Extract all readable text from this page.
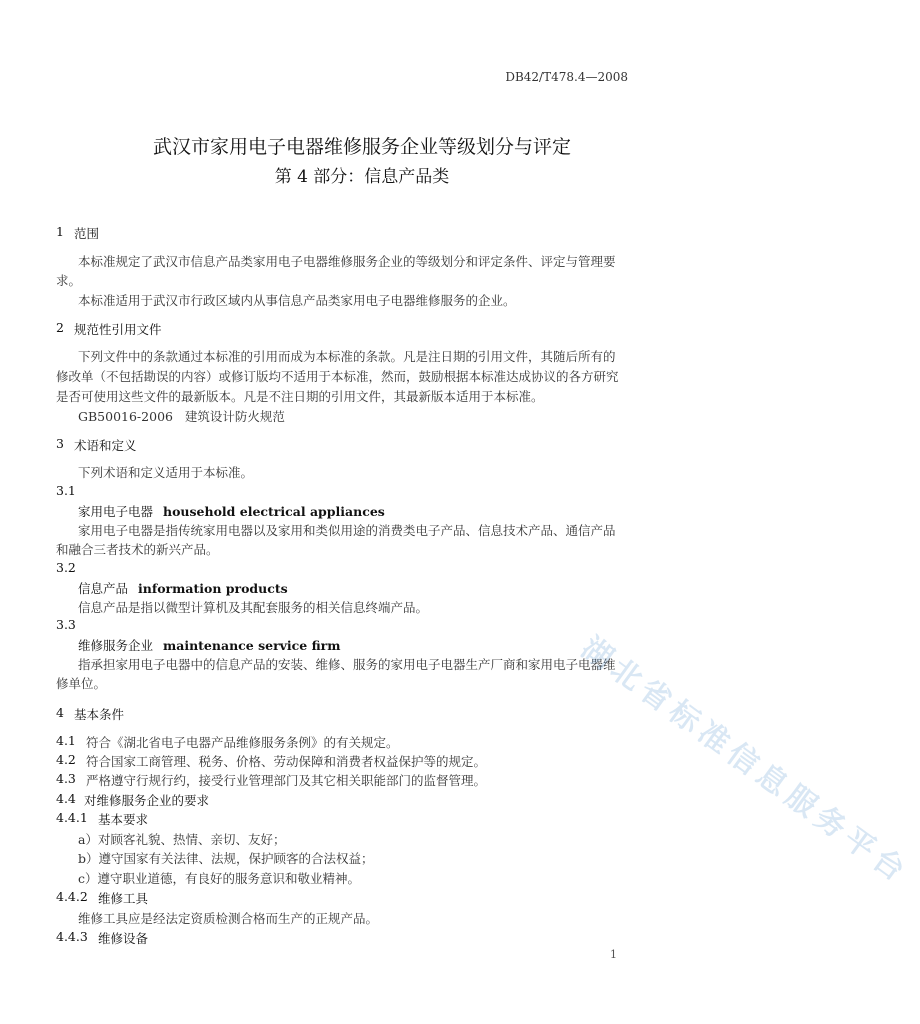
DB42/T478.4—2008
武汉市家用电子电器维修服务企业等级划分与评定
第 4 部分：信息产品类
1 范围
本标准规定了武汉市信息产品类家用电子电器维修服务企业的等级划分和评定条件、评定与管理要
求。
本标准适用于武汉市行政区域内从事信息产品类家用电子电器维修服务的企业。
2 规范性引用文件
下列文件中的条款通过本标准的引用而成为本标准的条款。凡是注日期的引用文件，其随后所有的
修改单（不包括勘误的内容）或修订版均不适用于本标准，然而，鼓励根据本标准达成协议的各方研究
是否可使用这些文件的最新版本。凡是不注日期的引用文件，其最新版本适用于本标准。
GB50016-2006   建筑设计防火规范
3 术语和定义
下列术语和定义适用于本标准。
3.1
家用电子电器 household electrical appliances
家用电子电器是指传统家用电器以及家用和类似用途的消费类电子产品、信息技术产品、通信产品
和融合三者技术的新兴产品。
3.2
信息产品 information products
信息产品是指以微型计算机及其配套服务的相关信息终端产品。
3.3
维修服务企业 maintenance service firm
指承担家用电子电器中的信息产品的安装、维修、服务的家用电子电器生产厂商和家用电子电器维
修单位。
4 基本条件
4.1 符合《湖北省电子电器产品维修服务条例》的有关规定。
4.2 符合国家工商管理、税务、价格、劳动保障和消费者权益保护等的规定。
4.3 严格遵守行规行约，接受行业管理部门及其它相关职能部门的监督管理。
4.4 对维修服务企业的要求
4.4.1 基本要求
a）对顾客礼貌、热情、亲切、友好；
b）遵守国家有关法律、法规，保护顾客的合法权益；
c）遵守职业道德，有良好的服务意识和敬业精神。
4.4.2 维修工具
维修工具应是经法定资质检测合格而生产的正规产品。
4.4.3 维修设备
1
湖北省标准信息服务平台
